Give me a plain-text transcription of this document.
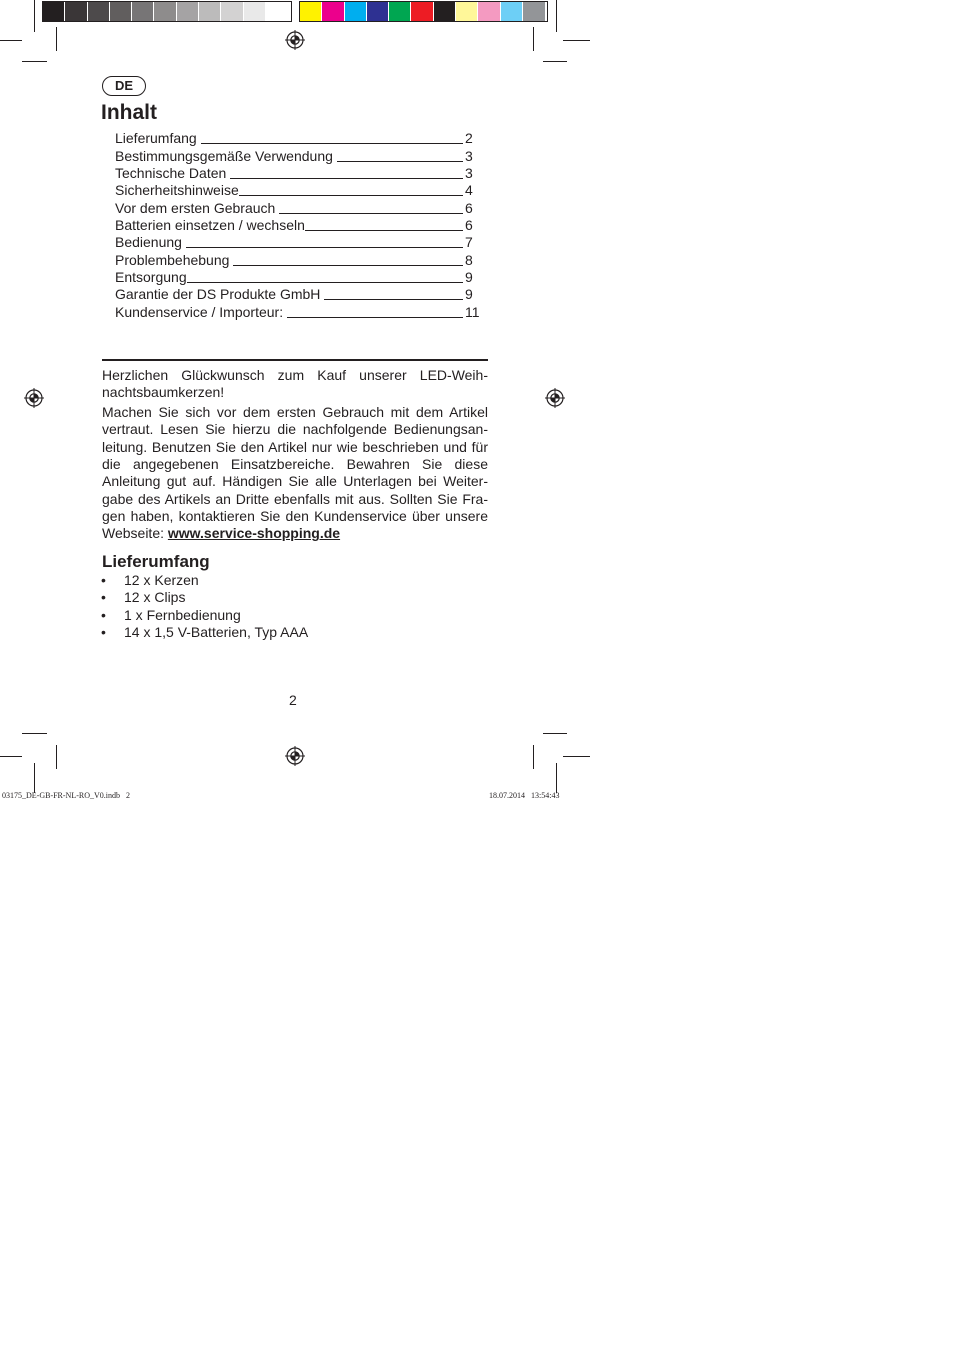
DE
Inhalt
Lieferumfang	2
Bestimmungsgemäße Verwendung	3
Technische Daten	3
Sicherheitshinweise	4
Vor dem ersten Gebrauch	6
Batterien einsetzen / wechseln	6
Bedienung	7
Problembehebung	8
Entsorgung	9
Garantie der DS Produkte GmbH	9
Kundenservice / Importeur:	11

Herzlichen Glückwunsch zum Kauf unserer LED-Weih-nachtsbaumkerzen!

Machen Sie sich vor dem ersten Gebrauch mit dem Artikel vertraut. Lesen Sie hierzu die nachfolgende Bedienungsan-leitung. Benutzen Sie den Artikel nur wie beschrieben und für die angegebenen Einsatzbereiche. Bewahren Sie diese Anleitung gut auf. Händigen Sie alle Unterlagen bei Weiter-gabe des Artikels an Dritte ebenfalls mit aus. Sollten Sie Fra-gen haben, kontaktieren Sie den Kundenservice über unsere Webseite: www.service-shopping.de

Lieferumfang
• 12 x Kerzen
• 12 x Clips
• 1 x Fernbedienung
• 14 x 1,5 V-Batterien, Typ AAA
2
03175_DE-GB-FR-NL-RO_V0.indb   2	18.07.2014   13:54:43
